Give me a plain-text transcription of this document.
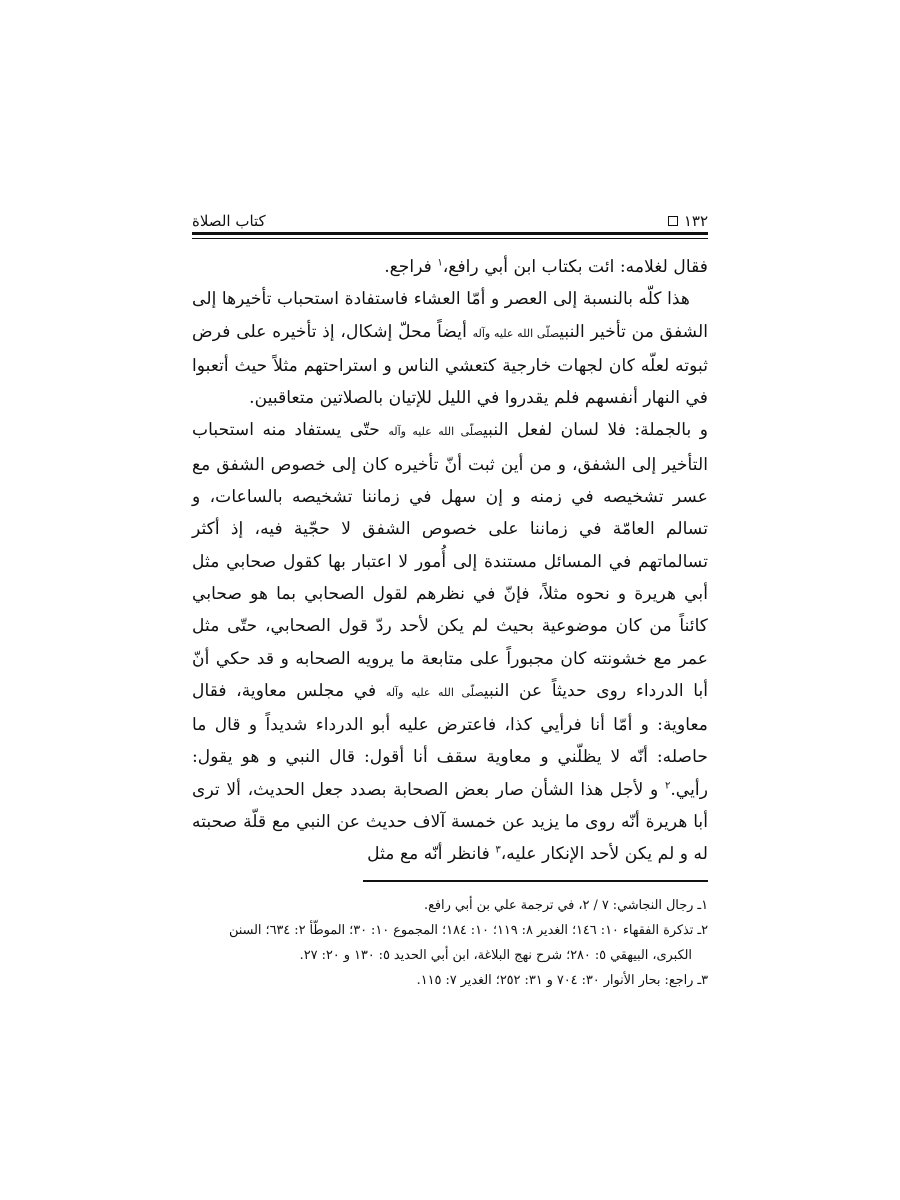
١٣٢
كتاب الصلاة

فقال لغلامه: ائت بكتاب ابن أبي رافع،$^١$ فراجع.

هذا كلّه بالنسبة إلى العصر و أمّا العشاء فاستفادة استحباب تأخيرها إلى الشفق من تأخير النبيصلّى الله عليه وآله أيضاً محلّ إشكال، إذ تأخيره على فرض ثبوته لعلّه كان لجهات خارجية كتعشي الناس و استراحتهم مثلاً حيث أتعبوا في النهار أنفسهم فلم يقدروا في الليل للإتيان بالصلاتين متعاقبين.

و بالجملة: فلا لسان لفعل النبيصلّى الله عليه وآله حتّى يستفاد منه استحباب التأخير إلى الشفق، و من أين ثبت أنّ تأخيره كان إلى خصوص الشفق مع عسر تشخيصه في زمنه و إن سهل في زماننا تشخيصه بالساعات، و تسالم العامّة في زماننا على خصوص الشفق لا حجّية فيه، إذ أكثر تسالماتهم في المسائل مستندة إلى أُمور لا اعتبار بها كقول صحابي مثل أبي هريرة و نحوه مثلاً، فإنّ في نظرهم لقول الصحابي بما هو صحابي كائناً من كان موضوعية بحيث لم يكن لأحد ردّ قول الصحابي، حتّى مثل عمر مع خشونته كان مجبوراً على متابعة ما يرويه الصحابه و قد حكي أنّ أبا الدرداء روى حديثاً عن النبيصلّى الله عليه وآله في مجلس معاوية، فقال معاوية: و أمّا أنا فرأيي كذا، فاعترض عليه أبو الدرداء شديداً و قال ما حاصله: أنّه لا يظلّني و معاوية سقف أنا أقول: قال النبي و هو يقول: رأيي.$^٢$ و لأجل هذا الشأن صار بعض الصحابة بصدد جعل الحديث، ألا ترى أبا هريرة أنّه روى ما يزيد عن خمسة آلاف حديث عن النبي مع قلّة صحبته له و لم يكن لأحد الإنكار عليه،$^٣$ فانظر أنّه مع مثل

١ـ رجال النجاشي: ٧ / ٢، في ترجمة علي بن أبي رافع.

٢ـ تذكرة الفقهاء ١٠: ١٤٦؛ الغدير ٨: ١١٩؛ ١٠: ١٨٤؛ المجموع ١٠: ٣٠؛ الموطّأ ٢: ٦٣٤؛ السنن

الكبرى، البيهقي ٥: ٢٨٠؛ شرح نهج البلاغة، ابن أبي الحديد ٥: ١٣٠ و ٢٠: ٢٧.

٣ـ راجع: بحار الأنوار ٣٠: ٧٠٤ و ٣١: ٢٥٢؛ الغدير ٧: ١١٥.
